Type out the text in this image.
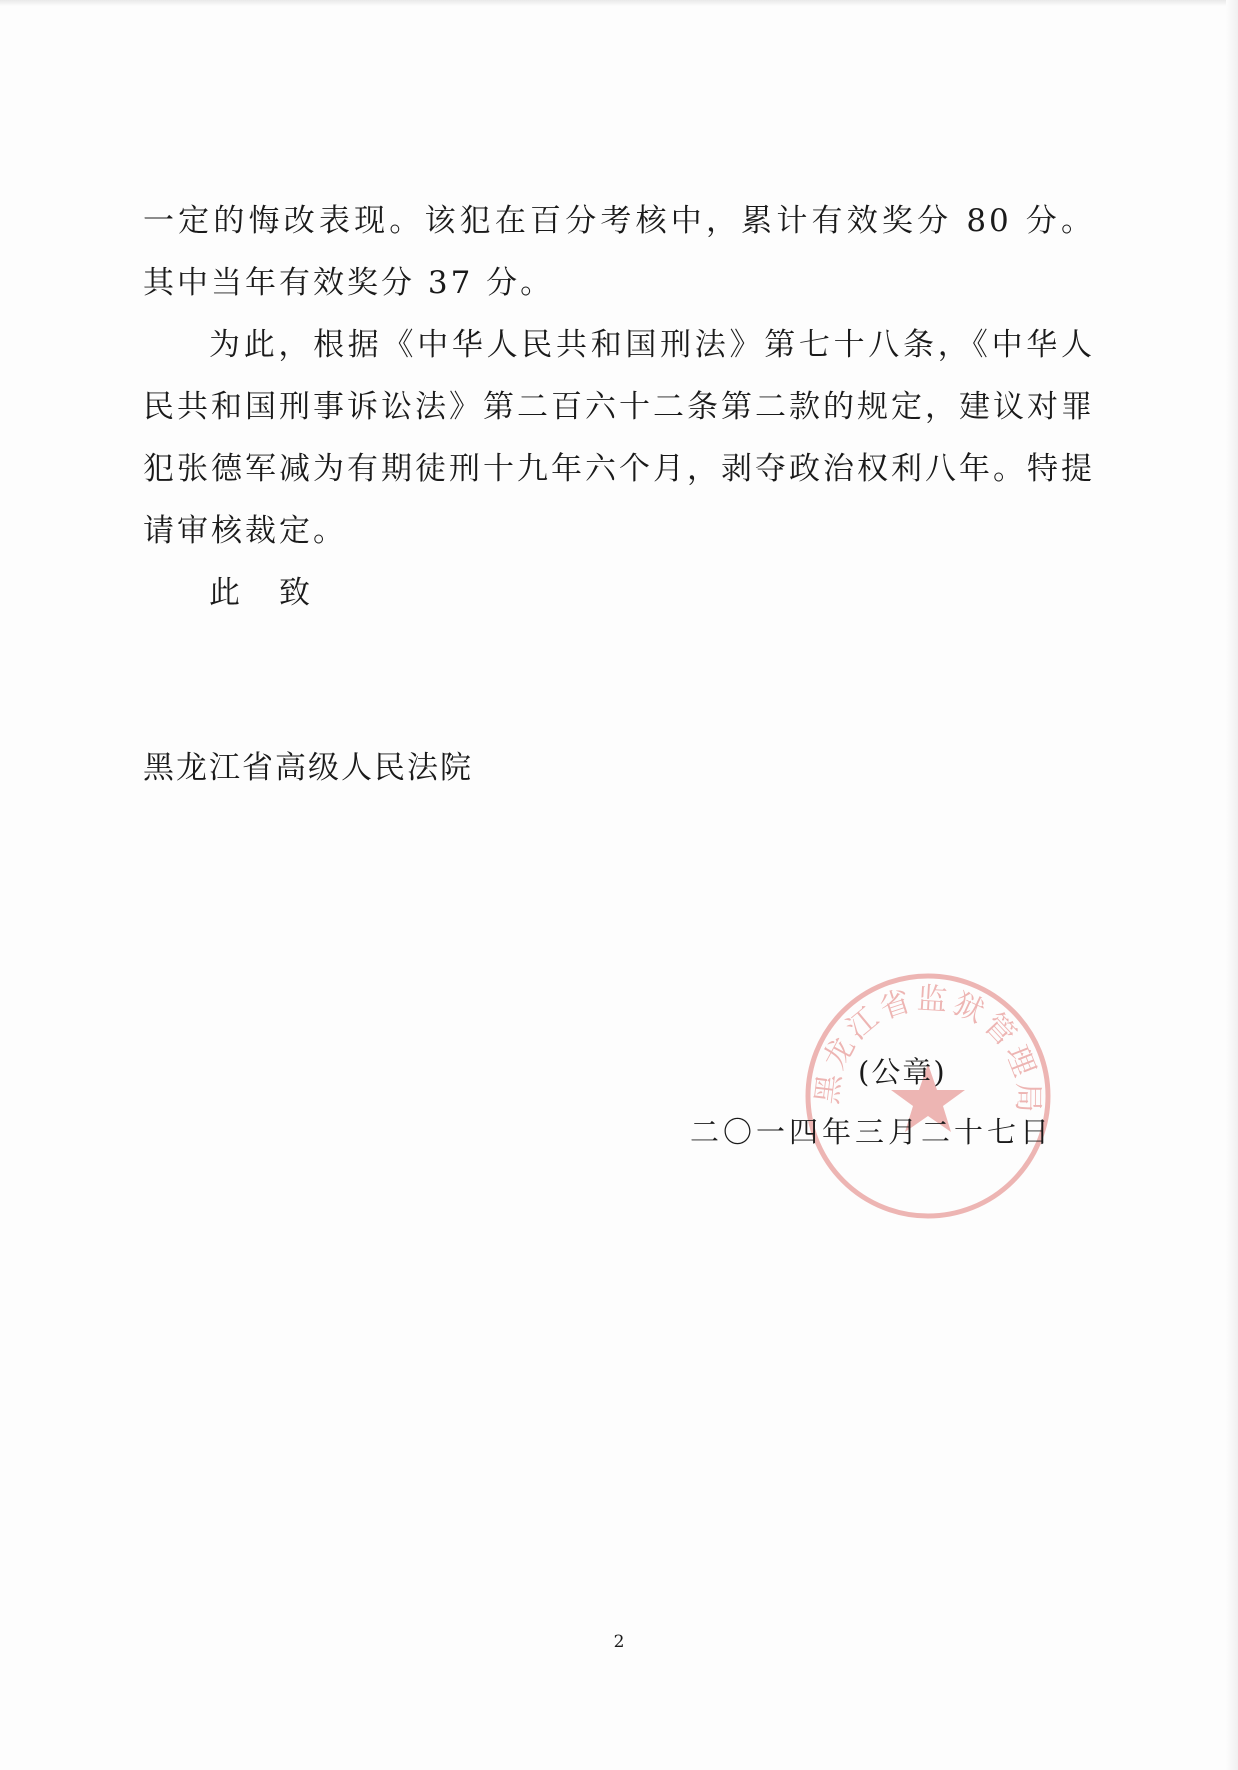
一定的悔改表现。该犯在百分考核中，累计有效奖分 80 分。其中当年有效奖分 37 分。

为此，根据《中华人民共和国刑法》第七十八条，《中华人民共和国刑事诉讼法》第二百六十二条第二款的规定，建议对罪犯张德军减为有期徒刑十九年六个月，剥夺政治权利八年。特提请审核裁定。

此 致

黑龙江省高级人民法院
黑龙江省监狱管理局
(公章)
二〇一四年三月二十七日
2
